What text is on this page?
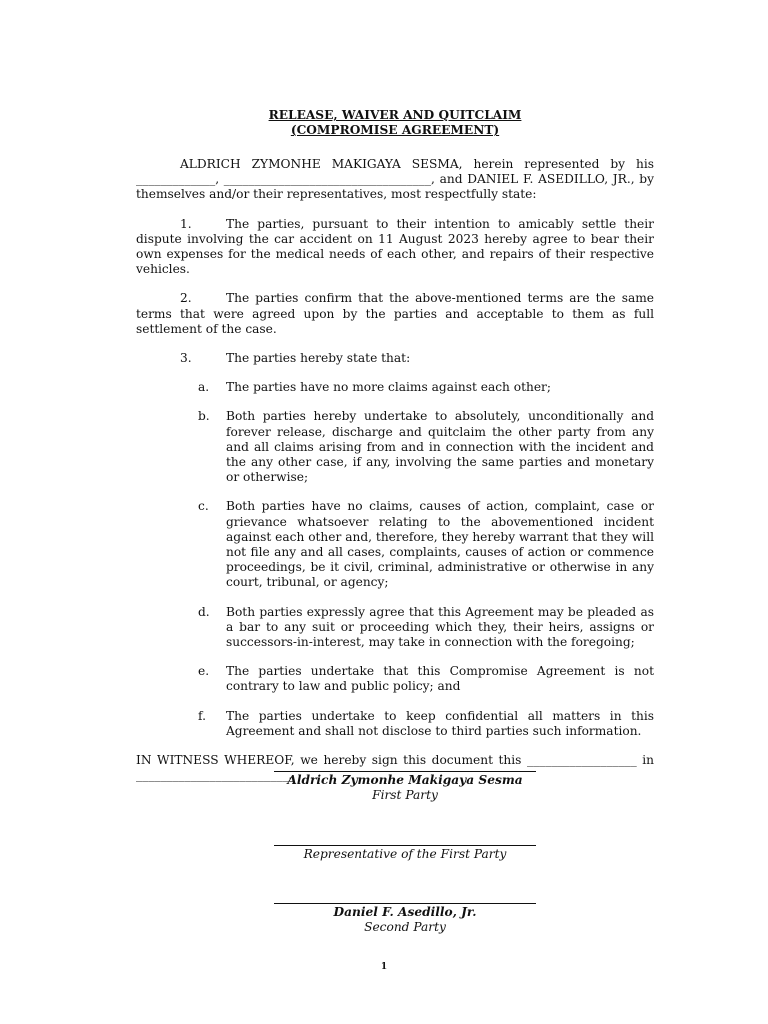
RELEASE, WAIVER AND QUITCLAIM
(COMPROMISE AGREEMENT)
ALDRICH ZYMONHE MAKIGAYA SESMA, herein represented by his _____________, __________________________________, and DANIEL F. ASEDILLO, JR., by themselves and/or their representatives, most respectfully state:
1.	The parties, pursuant to their intention to amicably settle their dispute involving the car accident on 11 August 2023 hereby agree to bear their own expenses for the medical needs of each other, and repairs of their respective vehicles.
2.	The parties confirm that the above-mentioned terms are the same terms that were agreed upon by the parties and acceptable to them as full settlement of the case.
3.	The parties hereby state that:
a.	The parties have no more claims against each other;
b.	Both parties hereby undertake to absolutely, unconditionally and forever release, discharge and quitclaim the other party from any and all claims arising from and in connection with the incident and the any other case, if any, involving the same parties and monetary or otherwise;
c.	Both parties have no claims, causes of action, complaint, case or grievance whatsoever relating to the abovementioned incident against each other and, therefore, they hereby warrant that they will not file any and all cases, complaints, causes of action or commence proceedings, be it civil, criminal, administrative or otherwise in any court, tribunal, or agency;
d.	Both parties expressly agree that this Agreement may be pleaded as a bar to any suit or proceeding which they, their heirs, assigns or successors-in-interest, may take in connection with the foregoing;
e.	The parties undertake that this Compromise Agreement is not contrary to law and public policy; and
f.	The parties undertake to keep confidential all matters in this Agreement and shall not disclose to third parties such information.
IN WITNESS WHEREOF, we hereby sign this document this __________________ in _________________________.
Aldrich Zymonhe Makigaya Sesma
First Party
Representative of the First Party
Daniel F. Asedillo, Jr.
Second Party
1
